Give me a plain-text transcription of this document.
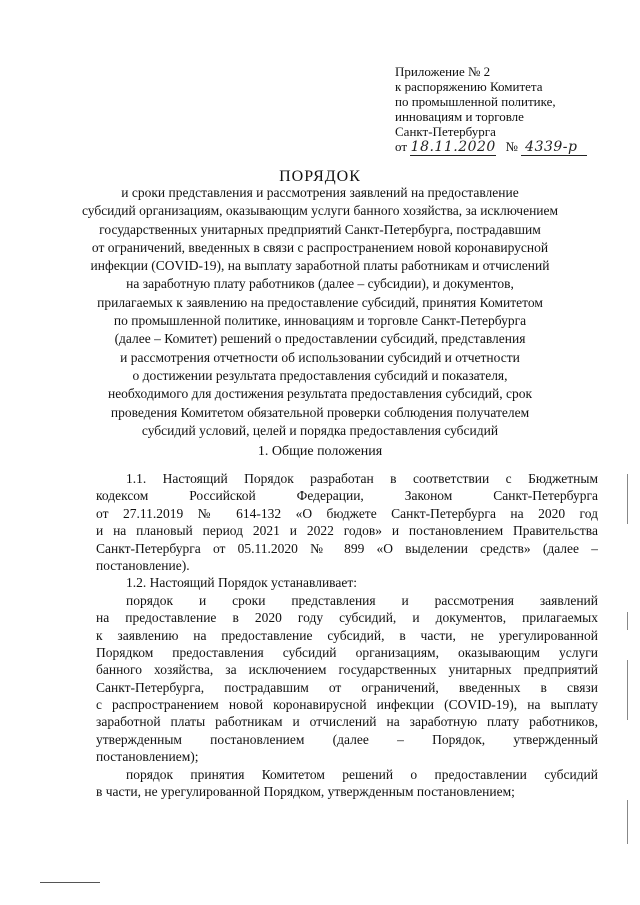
Приложение № 2
к распоряжению Комитета
по промышленной политике,
инновациям и торговле
Санкт-Петербурга
от 18.11.2020 № 4339-р
ПОРЯДОК
и сроки представления и рассмотрения заявлений на предоставление
субсидий организациям, оказывающим услуги банного хозяйства, за исключением
государственных унитарных предприятий Санкт-Петербурга, пострадавшим
от ограничений, введенных в связи с распространением новой коронавирусной
инфекции (COVID-19), на выплату заработной платы работникам и отчислений
на заработную плату работников (далее – субсидии), и документов,
прилагаемых к заявлению на предоставление субсидий, принятия Комитетом
по промышленной политике, инновациям и торговле Санкт-Петербурга
(далее – Комитет) решений о предоставлении субсидий, представления
и рассмотрения отчетности об использовании субсидий и отчетности
о достижении результата предоставления субсидий и показателя,
необходимого для достижения результата предоставления субсидий, срок
проведения Комитетом обязательной проверки соблюдения получателем
субсидий условий, целей и порядка предоставления субсидий
1. Общие положения
1.1. Настоящий Порядок разработан в соответствии с Бюджетным
кодексом Российской Федерации, Законом Санкт-Петербурга
от 27.11.2019 № 614-132 «О бюджете Санкт-Петербурга на 2020 год
и на плановый период 2021 и 2022 годов» и постановлением Правительства
Санкт-Петербурга от 05.11.2020 № 899 «О выделении средств» (далее –
постановление).
1.2. Настоящий Порядок устанавливает:
порядок и сроки представления и рассмотрения заявлений
на предоставление в 2020 году субсидий, и документов, прилагаемых
к заявлению на предоставление субсидий, в части, не урегулированной
Порядком предоставления субсидий организациям, оказывающим услуги
банного хозяйства, за исключением государственных унитарных предприятий
Санкт-Петербурга, пострадавшим от ограничений, введенных в связи
с распространением новой коронавирусной инфекции (COVID-19), на выплату
заработной платы работникам и отчислений на заработную плату работников,
утвержденным постановлением (далее – Порядок, утвержденный
постановлением);
порядок принятия Комитетом решений о предоставлении субсидий
в части, не урегулированной Порядком, утвержденным постановлением;
